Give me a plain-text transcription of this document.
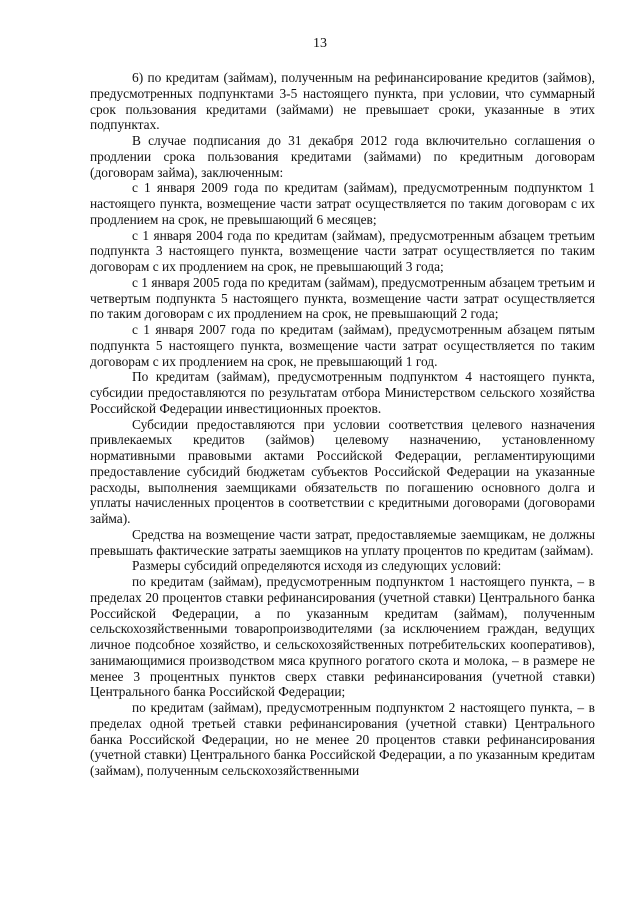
13

6) по кредитам (займам), полученным на рефинансирование кредитов (займов), предусмотренных подпунктами 3-5 настоящего пункта, при условии, что суммарный срок пользования кредитами (займами) не превышает сроки, указанные в этих подпунктах.

В случае подписания до 31 декабря 2012 года включительно соглашения о продлении срока пользования кредитами (займами) по кредитным договорам (договорам займа), заключенным:

с 1 января 2009 года по кредитам (займам), предусмотренным подпунктом 1 настоящего пункта, возмещение части затрат осуществляется по таким договорам с их продлением на срок, не превышающий 6 месяцев;

с 1 января 2004 года по кредитам (займам), предусмотренным абзацем третьим подпункта 3 настоящего пункта, возмещение части затрат осуществляется по таким договорам с их продлением на срок, не превышающий 3 года;

с 1 января 2005 года по кредитам (займам), предусмотренным абзацем третьим и четвертым подпункта 5 настоящего пункта, возмещение части затрат осуществляется по таким договорам с их продлением на срок, не превышающий 2 года;

с 1 января 2007 года по кредитам (займам), предусмотренным абзацем пятым подпункта 5 настоящего пункта, возмещение части затрат осуществляется по таким договорам с их продлением на срок, не превышающий 1 год.

По кредитам (займам), предусмотренным подпунктом 4 настоящего пункта, субсидии предоставляются по результатам отбора Министерством сельского хозяйства Российской Федерации инвестиционных проектов.

Субсидии предоставляются при условии соответствия целевого назначения привлекаемых кредитов (займов) целевому назначению, установленному нормативными правовыми актами Российской Федерации, регламентирующими предоставление субсидий бюджетам субъектов Российской Федерации на указанные расходы, выполнения заемщиками обязательств по погашению основного долга и уплаты начисленных процентов в соответствии с кредитными договорами (договорами займа).

Средства на возмещение части затрат, предоставляемые заемщикам, не должны превышать фактические затраты заемщиков на уплату процентов по кредитам (займам).

Размеры субсидий определяются исходя из следующих условий:

по кредитам (займам), предусмотренным подпунктом 1 настоящего пункта, – в пределах 20 процентов ставки рефинансирования (учетной ставки) Центрального банка Российской Федерации, а по указанным кредитам (займам), полученным сельскохозяйственными товаропроизводителями (за исключением граждан, ведущих личное подсобное хозяйство, и сельскохозяйственных потребительских кооперативов), занимающимися производством мяса крупного рогатого скота и молока, – в размере не менее 3 процентных пунктов сверх ставки рефинансирования (учетной ставки) Центрального банка Российской Федерации;

по кредитам (займам), предусмотренным подпунктом 2 настоящего пункта, – в пределах одной третьей ставки рефинансирования (учетной ставки) Центрального банка Российской Федерации, но не менее 20 процентов ставки рефинансирования (учетной ставки) Центрального банка Российской Федерации, а по указанным кредитам (займам), полученным сельскохозяйственными
